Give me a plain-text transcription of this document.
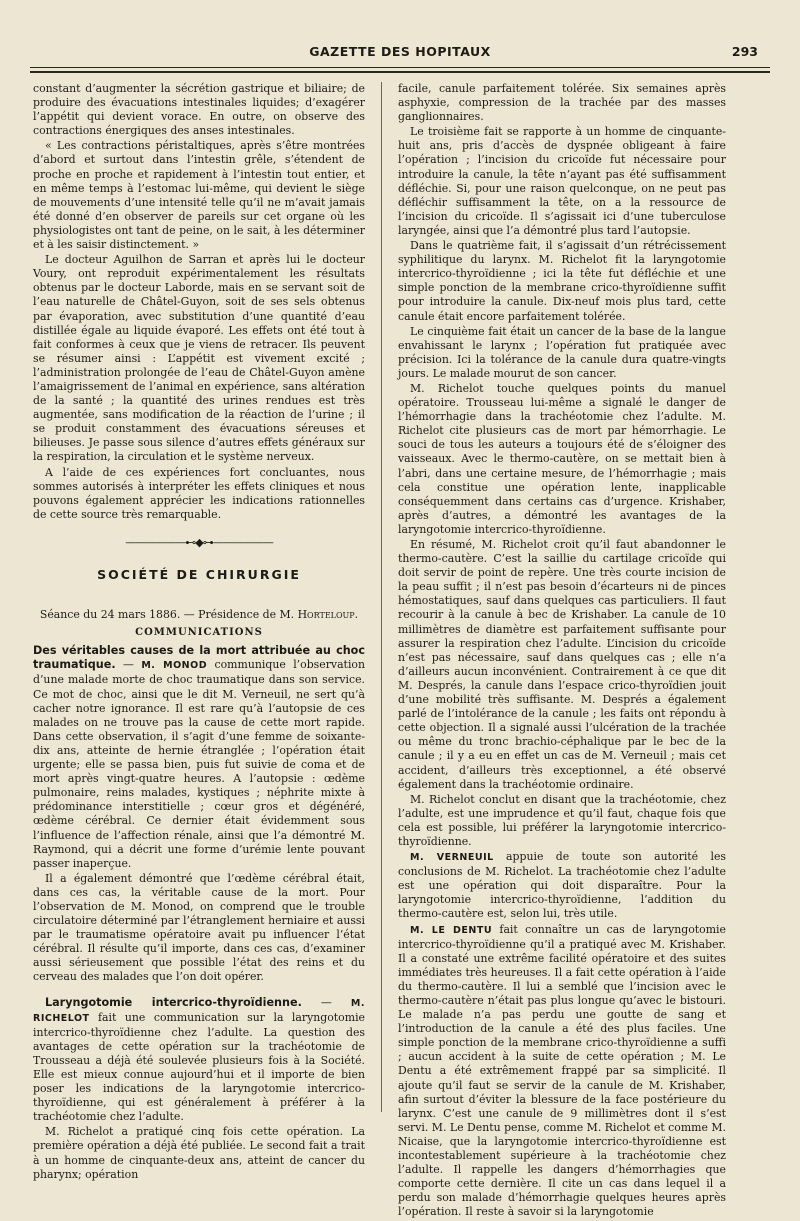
GAZETTE DES HOPITAUX	293

constant d’augmenter la sécrétion gastrique et biliaire; de produire des évacuations intestinales liquides; d’exagérer l’appétit qui devient vorace. En outre, on observe des contractions énergiques des anses intestinales.

« Les contractions péristaltiques, après s’être montrées d’abord et surtout dans l’intestin grêle, s’étendent de proche en proche et rapidement à l’intestin tout entier, et en même temps à l’estomac lui-même, qui devient le siège de mouvements d’une intensité telle qu’il ne m’avait jamais été donné d’en observer de pareils sur cet organe où les physiologistes ont tant de peine, on le sait, à les déterminer et à les saisir distinctement. »

Le docteur Aguilhon de Sarran et après lui le docteur Voury, ont reproduit expérimentalement les résultats obtenus par le docteur Laborde, mais en se servant soit de l’eau naturelle de Châtel-Guyon, soit de ses sels obtenus par évaporation, avec substitution d’une quantité d’eau distillée égale au liquide évaporé. Les effets ont été tout à fait conformes à ceux que je viens de retracer. Ils peuvent se résumer ainsi : L’appétit est vivement excité ; l’administration prolongée de l’eau de Châtel-Guyon amène l’amaigrissement de l’animal en expérience, sans altération de la santé ; la quantité des urines rendues est très augmentée, sans modification de la réaction de l’urine ; il se produit constamment des évacuations séreuses et bilieuses. Je passe sous silence d’autres effets généraux sur la respiration, la circulation et le système nerveux.

A l’aide de ces expériences fort concluantes, nous sommes autorisés à interpréter les effets cliniques et nous pouvons également apprécier les indications rationnelles de cette source très remarquable.

——————⊷◆⊶——————
SOCIÉTÉ DE CHIRURGIE

Séance du 24 mars 1886. — Présidence de M. Horteloup.

COMMUNICATIONS

Des véritables causes de la mort attribuée au choc traumatique. — M. MONOD communique l’observation d’une malade morte de choc traumatique dans son service. Ce mot de choc, ainsi que le dit M. Verneuil, ne sert qu’à cacher notre ignorance. Il est rare qu’à l’autopsie de ces malades on ne trouve pas la cause de cette mort rapide. Dans cette observation, il s’agit d’une femme de soixante-dix ans, atteinte de hernie étranglée ; l’opération était urgente; elle se passa bien, puis fut suivie de coma et de mort après vingt-quatre heures. A l’autopsie : œdème pulmonaire, reins malades, kystiques ; néphrite mixte à prédominance interstitielle ; cœur gros et dégénéré, œdème cérébral. Ce dernier était évidemment sous l’influence de l’affection rénale, ainsi que l’a démontré M. Raymond, qui a décrit une forme d’urémie lente pouvant passer inaperçue.

Il a également démontré que l’œdème cérébral était, dans ces cas, la véritable cause de la mort. Pour l’observation de M. Monod, on comprend que le trouble circulatoire déterminé par l’étranglement herniaire et aussi par le traumatisme opératoire avait pu influencer l’état cérébral. Il résulte qu’il importe, dans ces cas, d’examiner aussi sérieusement que possible l’état des reins et du cerveau des malades que l’on doit opérer.

Laryngotomie intercrico-thyroïdienne. — M. RICHELOT fait une communication sur la laryngotomie intercrico-thyroïdienne chez l’adulte. La question des avantages de cette opération sur la trachéotomie de Trousseau a déjà été soulevée plusieurs fois à la Société. Elle est mieux connue aujourd’hui et il importe de bien poser les indications de la laryngotomie intercrico-thyroïdienne, qui est généralement à préférer à la trachéotomie chez l’adulte.

M. Richelot a pratiqué cinq fois cette opération. La première opération a déjà été publiée. Le second fait a trait à un homme de cinquante-deux ans, atteint de cancer du pharynx; opération

facile, canule parfaitement tolérée. Six semaines après asphyxie, compression de la trachée par des masses ganglionnaires.

Le troisième fait se rapporte à un homme de cinquante-huit ans, pris d’accès de dyspnée obligeant à faire l’opération ; l’incision du cricoïde fut nécessaire pour introduire la canule, la tête n’ayant pas été suffisamment défléchie. Si, pour une raison quelconque, on ne peut pas défléchir suffisamment la tête, on a la ressource de l’incision du cricoïde. Il s’agissait ici d’une tuberculose laryngée, ainsi que l’a démontré plus tard l’autopsie.

Dans le quatrième fait, il s’agissait d’un rétrécissement syphilitique du larynx. M. Richelot fit la laryngotomie intercrico-thyroïdienne ; ici la tête fut défléchie et une simple ponction de la membrane crico-thyroïdienne suffit pour introduire la canule. Dix-neuf mois plus tard, cette canule était encore parfaitement tolérée.

Le cinquième fait était un cancer de la base de la langue envahissant le larynx ; l’opération fut pratiquée avec précision. Ici la tolérance de la canule dura quatre-vingts jours. Le malade mourut de son cancer.

M. Richelot touche quelques points du manuel opératoire. Trousseau lui-même a signalé le danger de l’hémorrhagie dans la trachéotomie chez l’adulte. M. Richelot cite plusieurs cas de mort par hémorrhagie. Le souci de tous les auteurs a toujours été de s’éloigner des vaisseaux. Avec le thermo-cautère, on se mettait bien à l’abri, dans une certaine mesure, de l’hémorrhagie ; mais cela constitue une opération lente, inapplicable conséquemment dans certains cas d’urgence. Krishaber, après d’autres, a démontré les avantages de la laryngotomie intercrico-thyroïdienne.

En résumé, M. Richelot croit qu’il faut abandonner le thermo-cautère. C’est la saillie du cartilage cricoïde qui doit servir de point de repère. Une très courte incision de la peau suffit ; il n’est pas besoin d’écarteurs ni de pinces hémostatiques, sauf dans quelques cas particuliers. Il faut recourir à la canule à bec de Krishaber. La canule de 10 millimètres de diamètre est parfaitement suffisante pour assurer la respiration chez l’adulte. L’incision du cricoïde n’est pas nécessaire, sauf dans quelques cas ; elle n’a d’ailleurs aucun inconvénient. Contrairement à ce que dit M. Després, la canule dans l’espace crico-thyroïdien jouit d’une mobilité très suffisante. M. Després a également parlé de l’intolérance de la canule ; les faits ont répondu à cette objection. Il a signalé aussi l’ulcération de la trachée ou même du tronc brachio-céphalique par le bec de la canule ; il y a eu en effet un cas de M. Verneuil ; mais cet accident, d’ailleurs très exceptionnel, a été observé également dans la trachéotomie ordinaire.

M. Richelot conclut en disant que la trachéotomie, chez l’adulte, est une imprudence et qu’il faut, chaque fois que cela est possible, lui préférer la laryngotomie intercrico-thyroïdienne.

M. VERNEUIL appuie de toute son autorité les conclusions de M. Richelot. La trachéotomie chez l’adulte est une opération qui doit disparaître. Pour la laryngotomie intercrico-thyroïdienne, l’addition du thermo-cautère est, selon lui, très utile.

M. LE DENTU fait connaître un cas de laryngotomie intercrico-thyroïdienne qu’il a pratiqué avec M. Krishaber. Il a constaté une extrême facilité opératoire et des suites immédiates très heureuses. Il a fait cette opération à l’aide du thermo-cautère. Il lui a semblé que l’incision avec le thermo-cautère n’était pas plus longue qu’avec le bistouri. Le malade n’a pas perdu une goutte de sang et l’introduction de la canule a été des plus faciles. Une simple ponction de la membrane crico-thyroïdienne a suffi ; aucun accident à la suite de cette opération ; M. Le Dentu a été extrêmement frappé par sa simplicité. Il ajoute qu’il faut se servir de la canule de M. Krishaber, afin surtout d’éviter la blessure de la face postérieure du larynx. C’est une canule de 9 millimètres dont il s’est servi. M. Le Dentu pense, comme M. Richelot et comme M. Nicaise, que la laryngotomie intercrico-thyroïdienne est incontestablement supérieure à la trachéotomie chez l’adulte. Il rappelle les dangers d’hémorrhagies que comporte cette dernière. Il cite un cas dans lequel il a perdu son malade d’hémorrhagie quelques heures après l’opération. Il reste à savoir si la laryngotomie
